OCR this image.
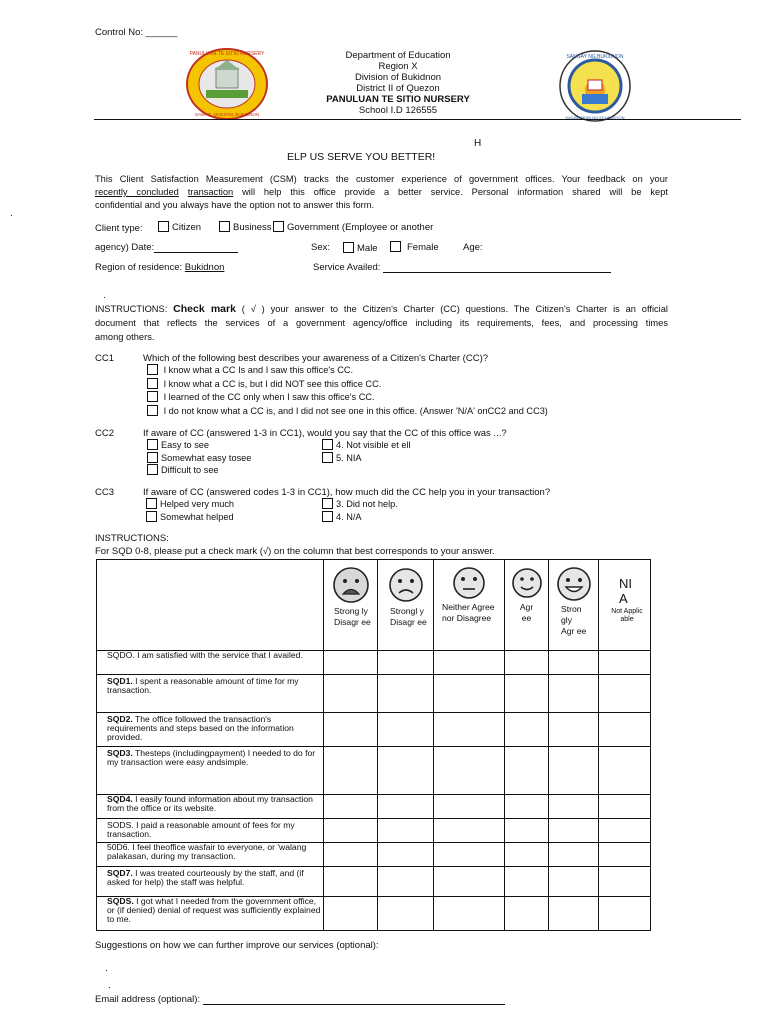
Control No: ______
PANULUAN TE SITIO NURSERY
SAWAD, QUEZON, BUKIDNON
Department of Education
Region X
Division of Bukidnon
District II of Quezon
PANULUAN TE SITIO NURSERY
School I.D 126555
SANGAY NG BUKIDNON
KAGAWARAN NG EDUKASYON
H
ELP US SERVE YOU BETTER!
This Client Satisfaction Measurement (CSM) tracks the customer experience of government offices. Your feedback on your
recently concluded transaction will help this office provide a better service. Personal information shared will be kept
confidential and you always have the option not to answer this form.
Client type:	Citizen	Business	Government (Employee or another
agency) Date:	Sex:	Male	Female	Age:
Region of residence: Bukidnon	Service Availed:
INSTRUCTIONS: Check mark ( √ ) your answer to the Citizen's Charter (CC) questions. The Citizen's Charter is an official
document that reflects the services of a government agency/office including its requirements, fees, and processing times
among others.
CC1	Which of the following best describes your awareness of a Citizen's Charter (CC)?
I know what a CC Is and I saw this office's CC.
I know what a CC is, but I did NOT see this office CC.
I learned of the CC only when I saw this office's CC.
I do not know what a CC is, and I did not see one in this office. (Answer 'N/A' onCC2 and CC3)
CC2	If aware of CC (answered 1-3 in CC1), would you say that the CC of this office was ...?
Easy to see
Somewhat easy tosee
Difficult to see
4. Not visible et ell
5. NIA
CC3	If aware of CC (answered codes 1-3 in CC1), how much did the CC help you in your transaction?
Helped very much
Somewhat helped
3. Did not help.
4. N/A
INSTRUCTIONS:
For SQD 0-8, please put a check mark (√) on the column that best corresponds to your answer.

	Strong ly Disagr ee	Strongl y Disagr ee	Neither Agree nor Disagree	Agr ee	Stron gly Agr ee	NI A
Not Applic able

SQDO. I am satisfied with the service that I availed.						
SQD1. I spent a reasonable amount of time for my transaction.						
SQD2. The office followed the transaction's requirements and steps based on the information provided.						
SQD3. Thesteps (includingpayment) I needed to do for my transaction were easy andsimple.						
SQD4. I easily found information about my transaction from the office or its website.						
SODS. I paid a reasonable amount of fees for my transaction.						
50D6. I feel theoffice wasfair to everyone, or 'walang palakasan, during my transaction.						
SQD7. I was treated courteously by the staff, and (if asked for help) the staff was helpful.						
SQDS. I got what I needed from the government office, or (if denied) denial of request was sufficiently explained to me.						
Suggestions on how we can further improve our services (optional):
Email address (optional):
.
.
.
.
